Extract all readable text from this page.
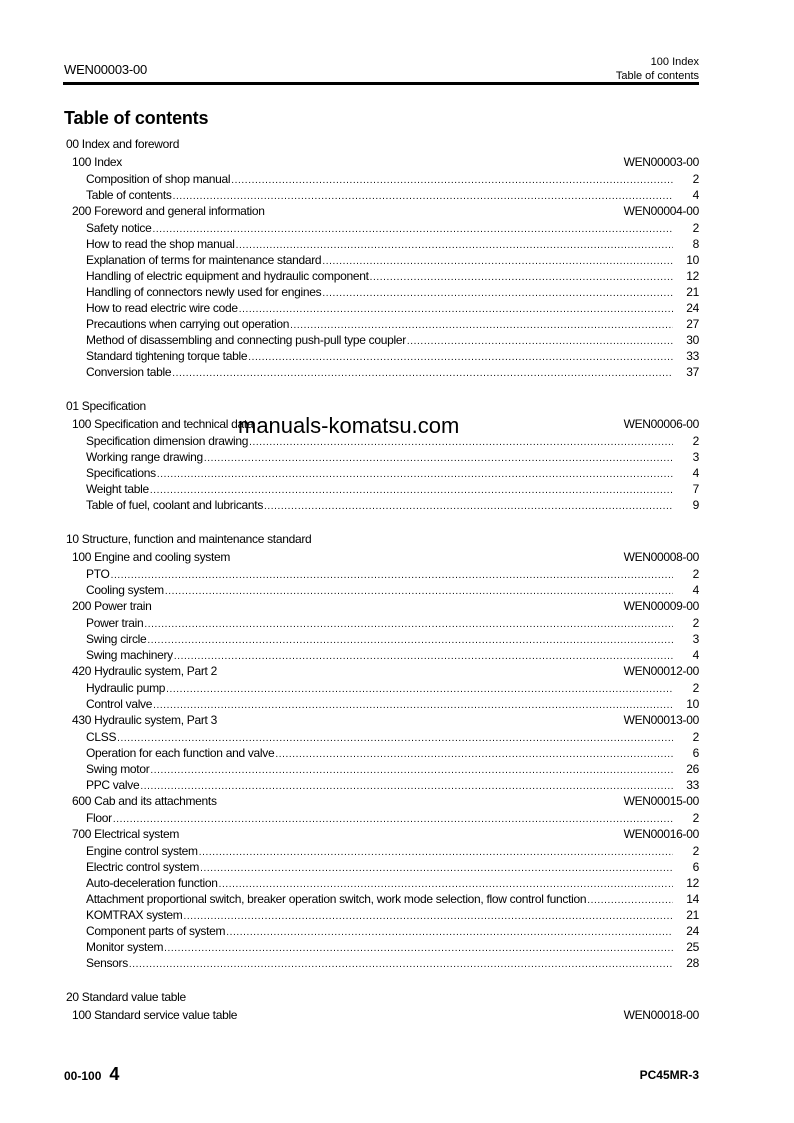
WEN00003-00	100 Index
Table of contents
Table of contents
00 Index and foreword
100 Index	WEN00003-00
Composition of shop manual .....	2
Table of contents .....	4
200 Foreword and general information	WEN00004-00
Safety notice .....	2
How to read the shop manual .....	8
Explanation of terms for maintenance standard .....	10
Handling of electric equipment and hydraulic component .....	12
Handling of connectors newly used for engines .....	21
How to read electric wire code .....	24
Precautions when carrying out operation .....	27
Method of disassembling and connecting push-pull type coupler .....	30
Standard tightening torque table .....	33
Conversion table .....	37
01 Specification
100 Specification and technical data	WEN00006-00
Specification dimension drawing .....	2
Working range drawing .....	3
Specifications .....	4
Weight table .....	7
Table of fuel, coolant and lubricants .....	9
10 Structure, function and maintenance standard
100 Engine and cooling system	WEN00008-00
PTO .....	2
Cooling system .....	4
200 Power train	WEN00009-00
Power train .....	2
Swing circle .....	3
Swing machinery .....	4
420 Hydraulic system, Part 2	WEN00012-00
Hydraulic pump .....	2
Control valve .....	10
430 Hydraulic system, Part 3	WEN00013-00
CLSS .....	2
Operation for each function and valve .....	6
Swing motor .....	26
PPC valve .....	33
600 Cab and its attachments	WEN00015-00
Floor .....	2
700 Electrical system	WEN00016-00
Engine control system .....	2
Electric control system .....	6
Auto-deceleration function .....	12
Attachment proportional switch, breaker operation switch, work mode selection, flow control function .....	14
KOMTRAX system .....	21
Component parts of system .....	24
Monitor system .....	25
Sensors .....	28
20 Standard value table
100 Standard service value table	WEN00018-00
manuals-komatsu.com
00-100 4	PC45MR-3
